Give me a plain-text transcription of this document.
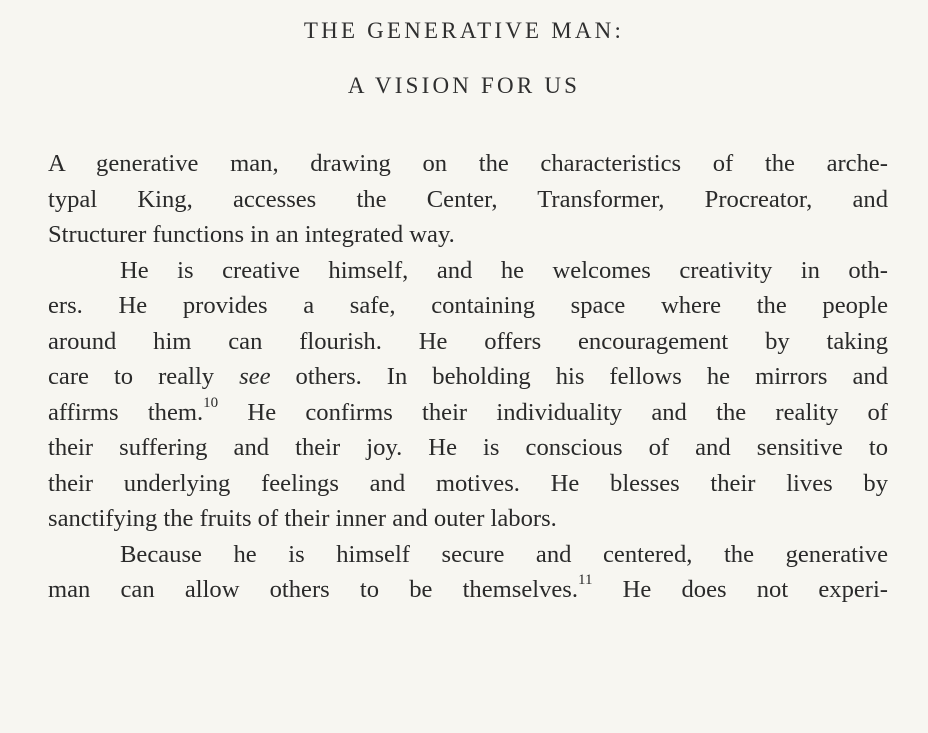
THE GENERATIVE MAN:
A VISION FOR US
A generative man, drawing on the characteristics of the arche-
typal King, accesses the Center, Transformer, Procreator, and
Structurer functions in an integrated way.
He is creative himself, and he welcomes creativity in oth-
ers. He provides a safe, containing space where the people
around him can flourish. He offers encouragement by taking
care to really see others. In beholding his fellows he mirrors and
affirms them.$^{10}$ He confirms their individuality and the reality of
their suffering and their joy. He is conscious of and sensitive to
their underlying feelings and motives. He blesses their lives by
sanctifying the fruits of their inner and outer labors.
Because he is himself secure and centered, the generative
man can allow others to be themselves.$^{11}$ He does not experi-
